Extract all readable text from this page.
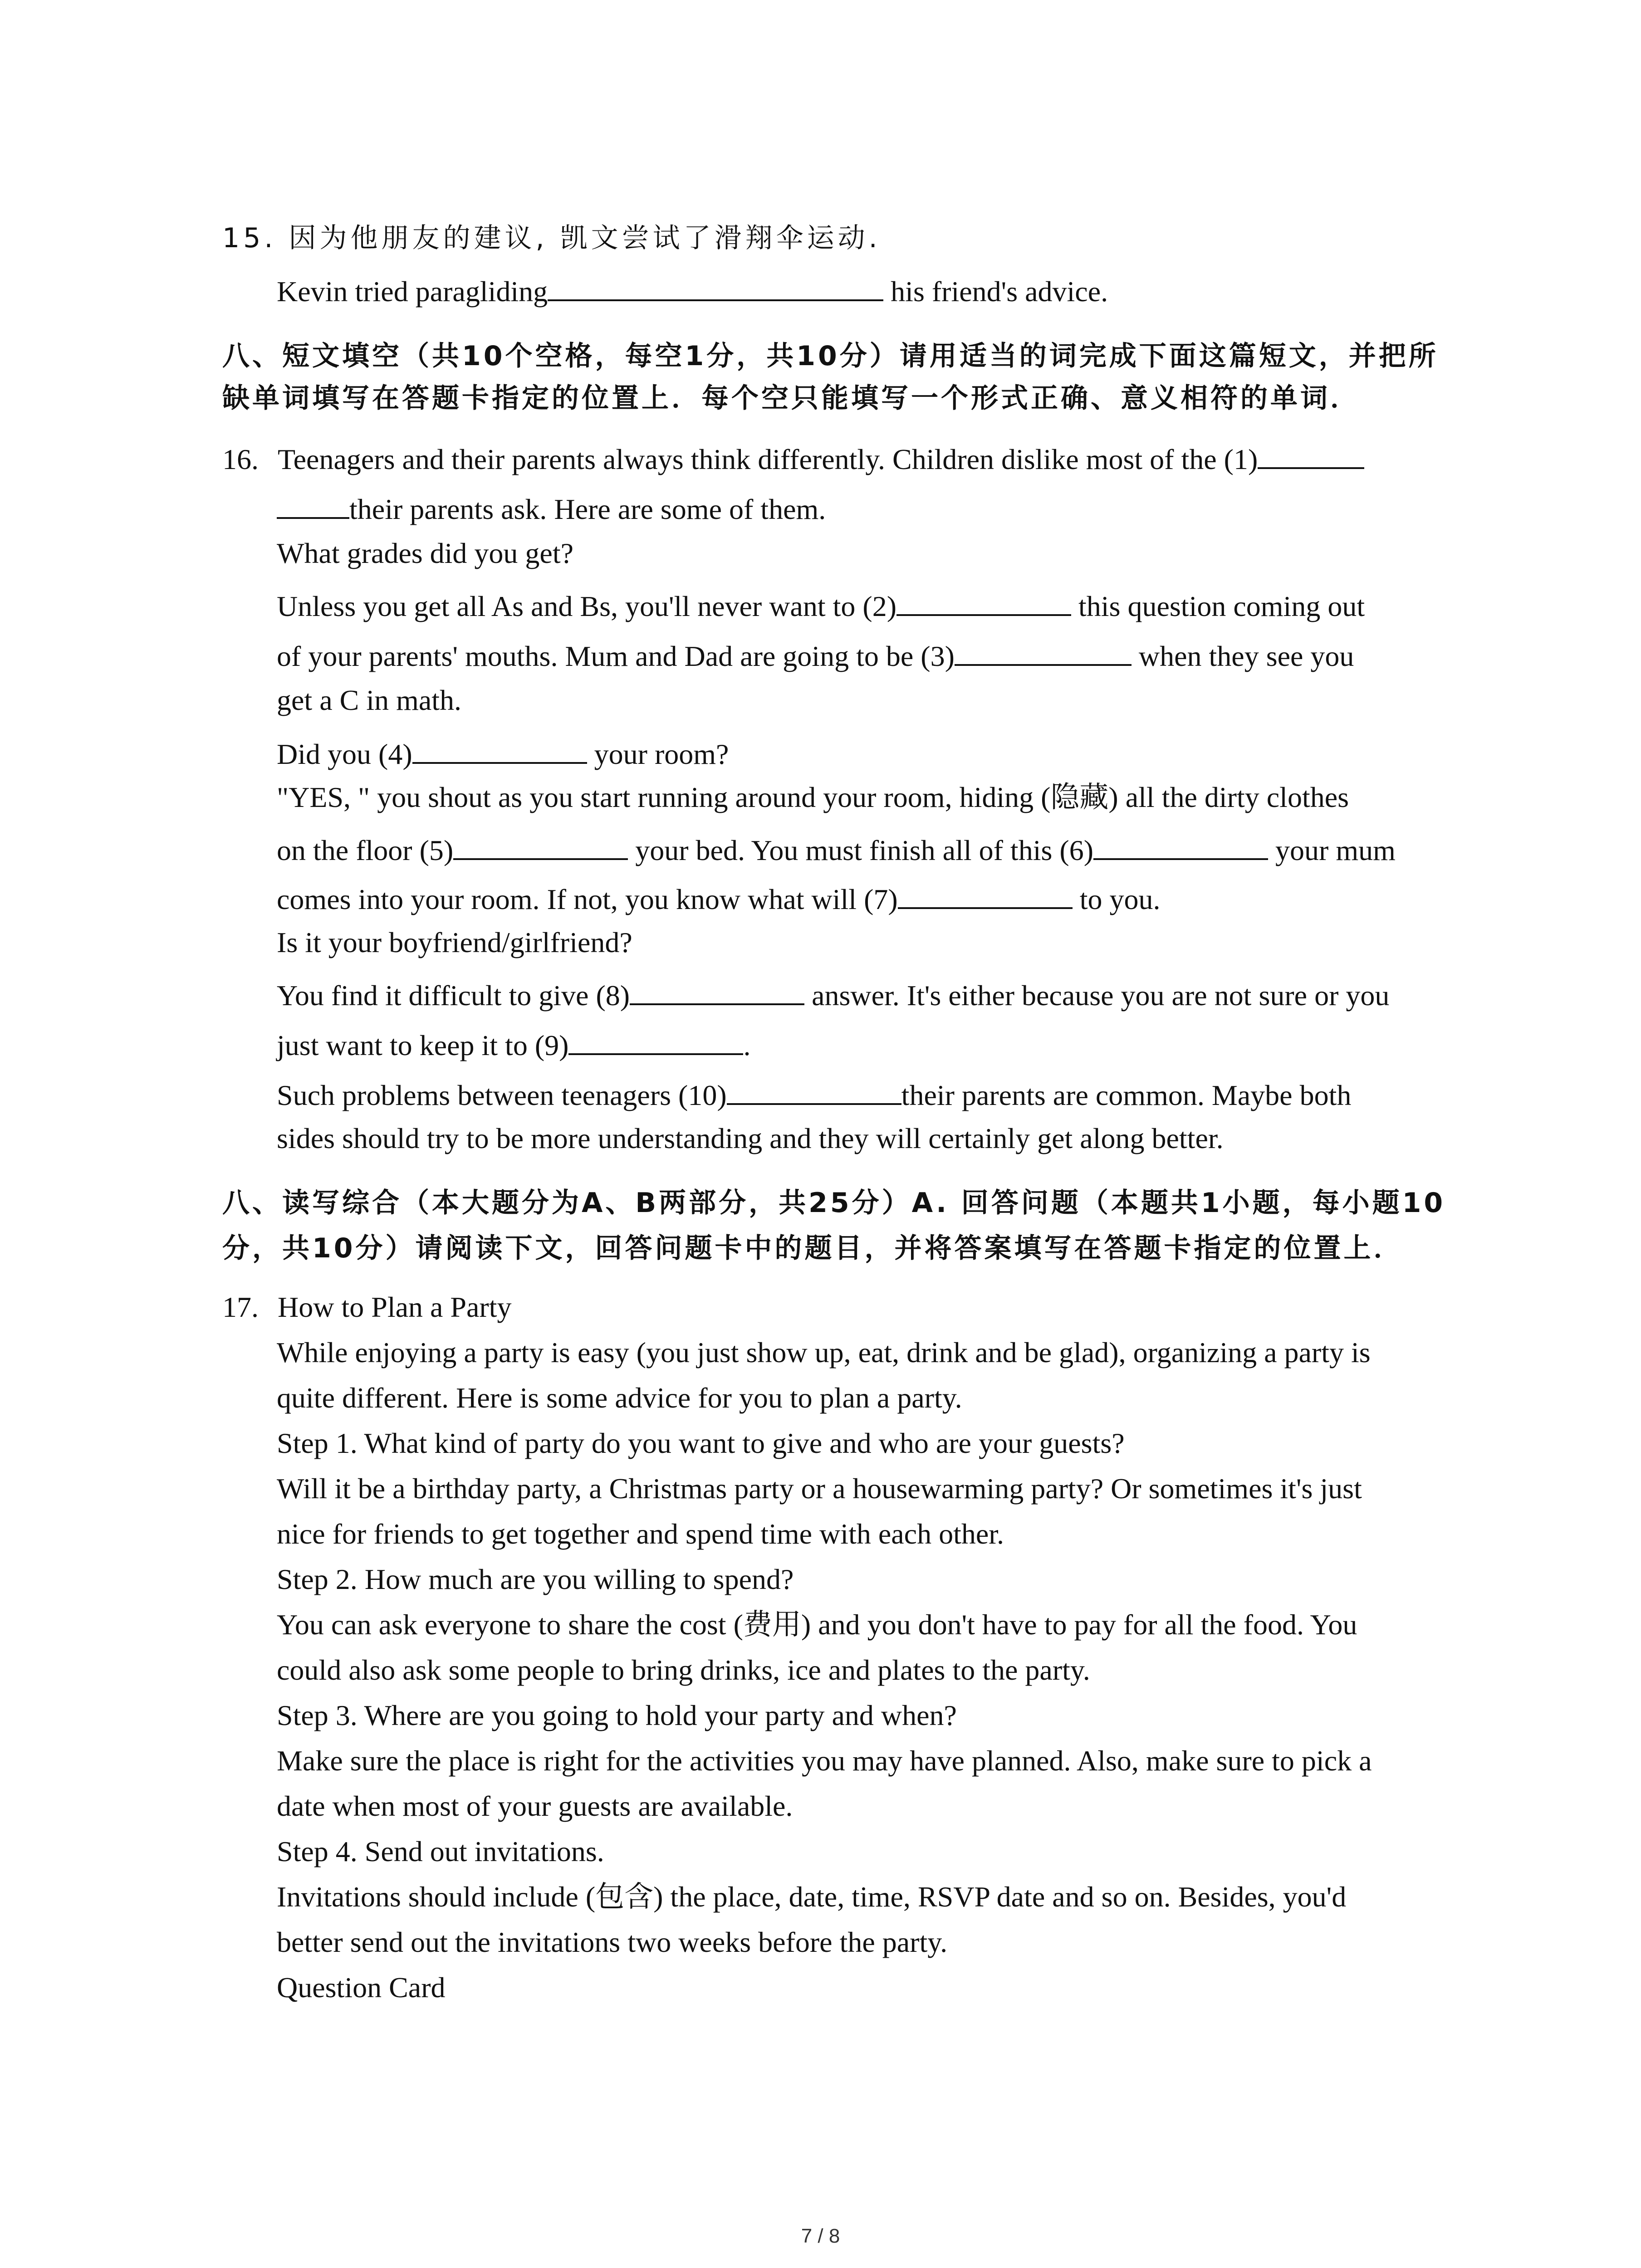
15. 因为他朋友的建议, 凯文尝试了滑翔伞运动.
Kevin tried paragliding	his friend's advice.
八、短文填空（共10个空格，每空1分，共10分）请用适当的词完成下面这篇短文，并把所
缺单词填写在答题卡指定的位置上．每个空只能填写一个形式正确、意义相符的单词．
16. Teenagers and their parents always think differently. Children dislike most of the (1)
their parents ask. Here are some of them.
What grades did you get?
Unless you get all As and Bs, you'll never want to (2)	this question coming out
of your parents' mouths. Mum and Dad are going to be (3)	when they see you
get a C in math.
Did you (4)	your room?
"YES, " you shout as you start running around your room, hiding (隐藏) all the dirty clothes
on the floor (5)	your bed. You must finish all of this (6)	your mum
comes into your room. If not, you know what will (7)	to you.
Is it your boyfriend/girlfriend?
You find it difficult to give (8)	answer. It's either because you are not sure or you
just want to keep it to (9)	.
Such problems between teenagers (10)	their parents are common. Maybe both
sides should try to be more understanding and they will certainly get along better.
八、读写综合（本大题分为A、B两部分，共25分）A. 回答问题（本题共1小题，每小题10
分，共10分）请阅读下文，回答问题卡中的题目，并将答案填写在答题卡指定的位置上．
17. How to Plan a Party
While enjoying a party is easy (you just show up, eat, drink and be glad), organizing a party is
quite different. Here is some advice for you to plan a party.
Step 1. What kind of party do you want to give and who are your guests?
Will it be a birthday party, a Christmas party or a housewarming party? Or sometimes it's just
nice for friends to get together and spend time with each other.
Step 2. How much are you willing to spend?
You can ask everyone to share the cost (费用) and you don't have to pay for all the food. You
could also ask some people to bring drinks, ice and plates to the party.
Step 3. Where are you going to hold your party and when?
Make sure the place is right for the activities you may have planned. Also, make sure to pick a
date when most of your guests are available.
Step 4. Send out invitations.
Invitations should include (包含) the place, date, time, RSVP date and so on. Besides, you'd
better send out the invitations two weeks before the party.
Question Card
7 / 8
